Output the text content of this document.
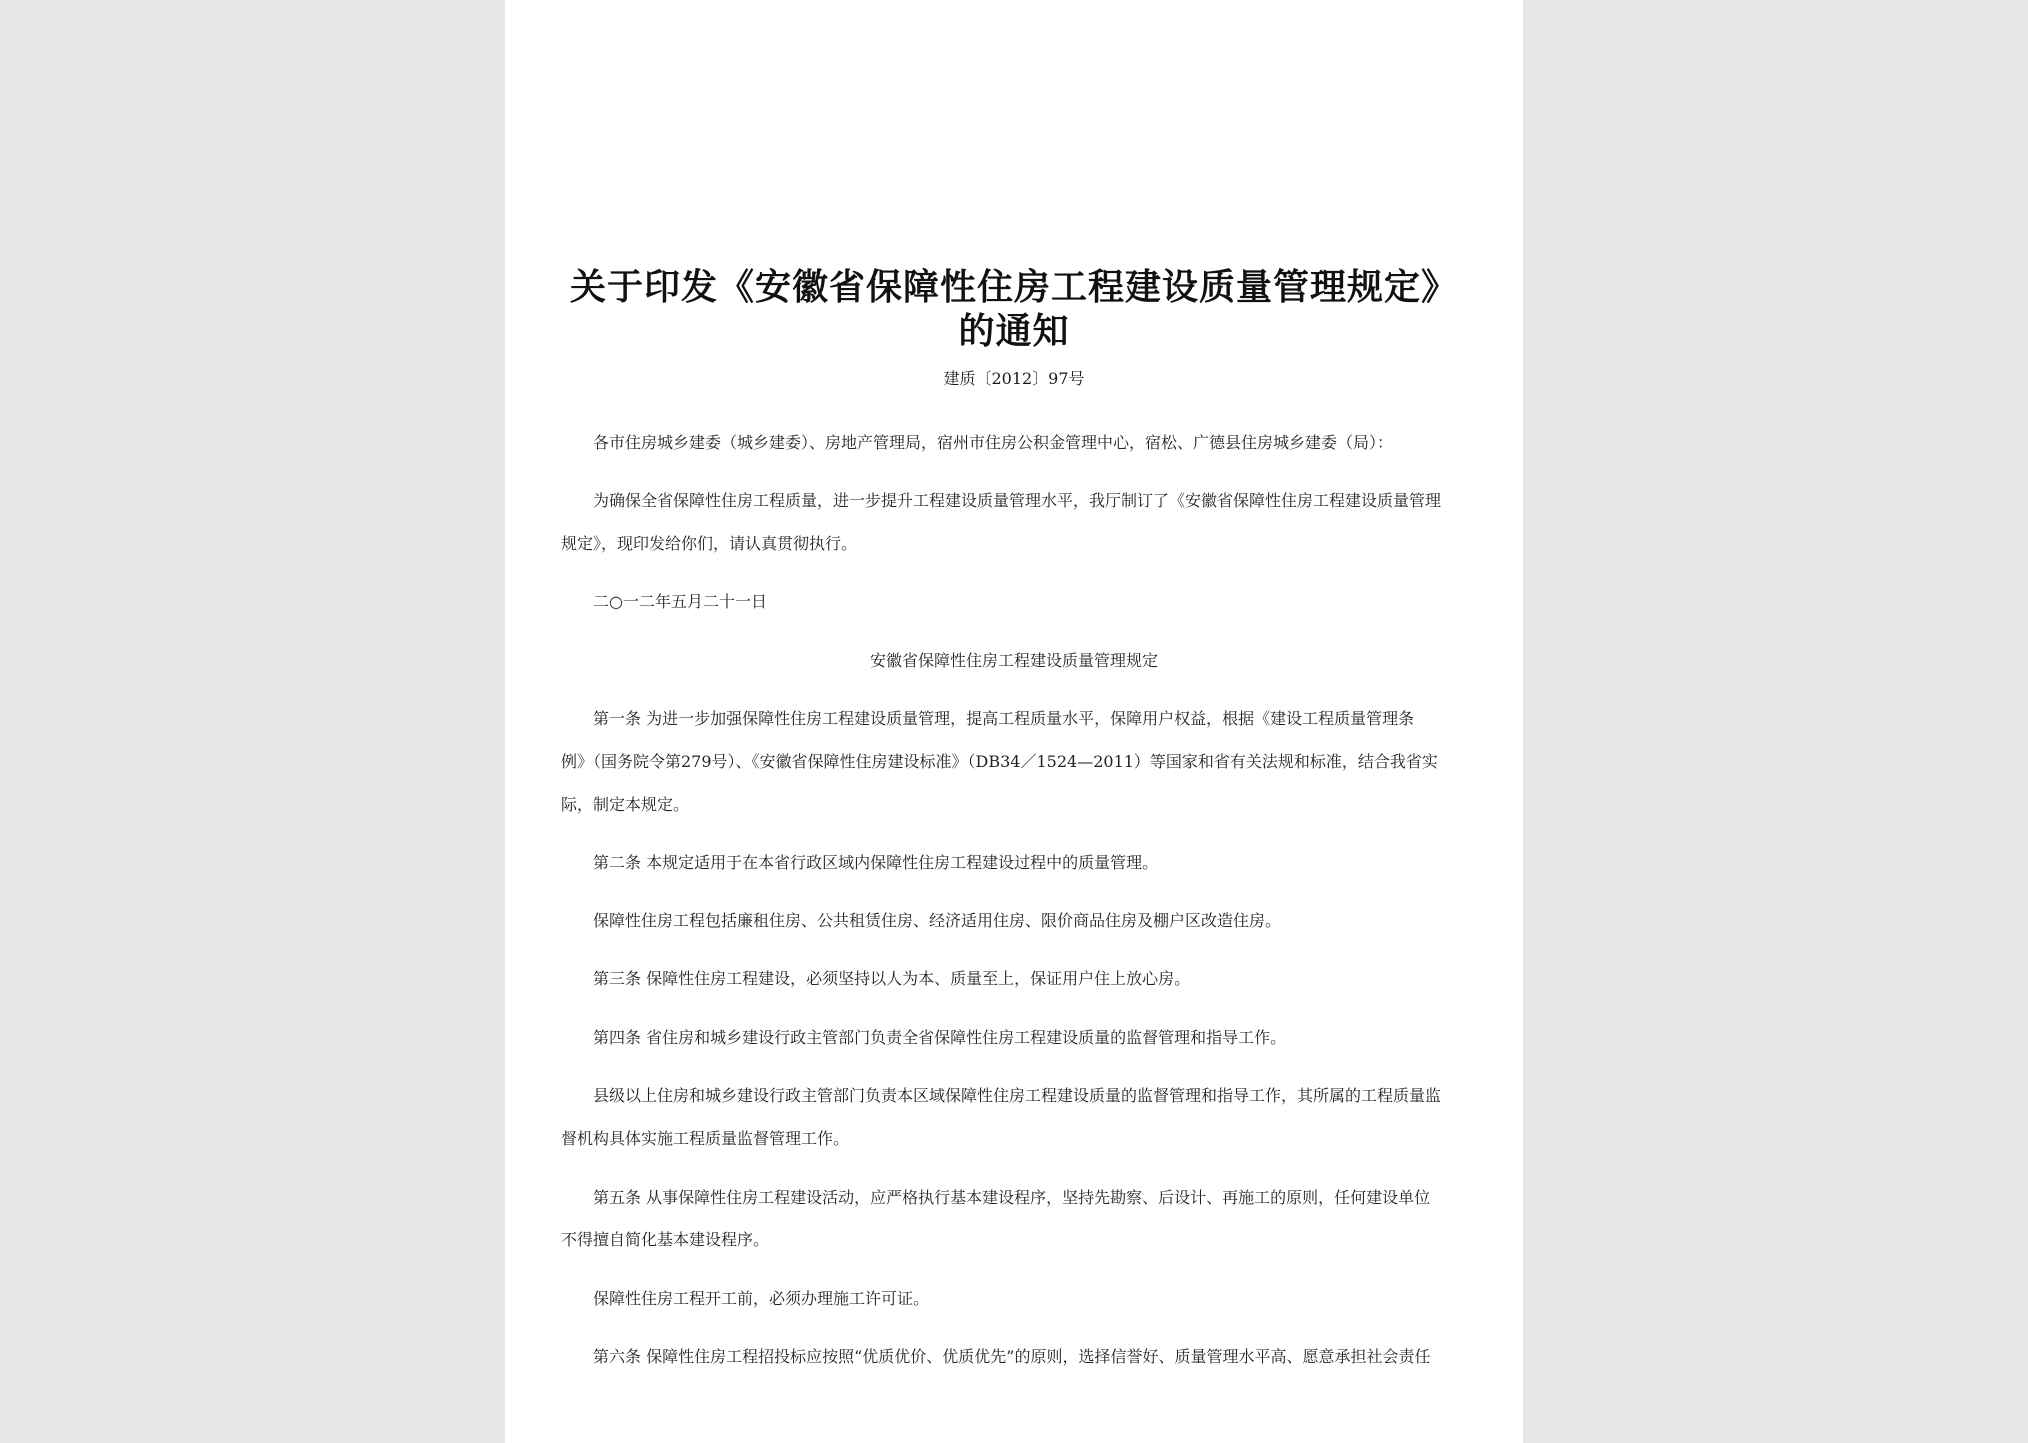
关于印发《安徽省保障性住房工程建设质量管理规定》
的通知
建质〔2012〕97号
各市住房城乡建委（城乡建委）、房地产管理局，宿州市住房公积金管理中心，宿松、广德县住房城乡建委（局）：
为确保全省保障性住房工程质量，进一步提升工程建设质量管理水平，我厅制订了《安徽省保障性住房工程建设质量管理
规定》，现印发给你们，请认真贯彻执行。
二○一二年五月二十一日
安徽省保障性住房工程建设质量管理规定
第一条 为进一步加强保障性住房工程建设质量管理，提高工程质量水平，保障用户权益，根据《建设工程质量管理条
例》（国务院令第279号）、《安徽省保障性住房建设标准》（DB34／1524—2011）等国家和省有关法规和标准，结合我省实
际，制定本规定。
第二条 本规定适用于在本省行政区域内保障性住房工程建设过程中的质量管理。
保障性住房工程包括廉租住房、公共租赁住房、经济适用住房、限价商品住房及棚户区改造住房。
第三条 保障性住房工程建设，必须坚持以人为本、质量至上，保证用户住上放心房。
第四条 省住房和城乡建设行政主管部门负责全省保障性住房工程建设质量的监督管理和指导工作。
县级以上住房和城乡建设行政主管部门负责本区域保障性住房工程建设质量的监督管理和指导工作，其所属的工程质量监
督机构具体实施工程质量监督管理工作。
第五条 从事保障性住房工程建设活动，应严格执行基本建设程序，坚持先勘察、后设计、再施工的原则，任何建设单位
不得擅自简化基本建设程序。
保障性住房工程开工前，必须办理施工许可证。
第六条 保障性住房工程招投标应按照“优质优价、优质优先”的原则，选择信誉好、质量管理水平高、愿意承担社会责任
